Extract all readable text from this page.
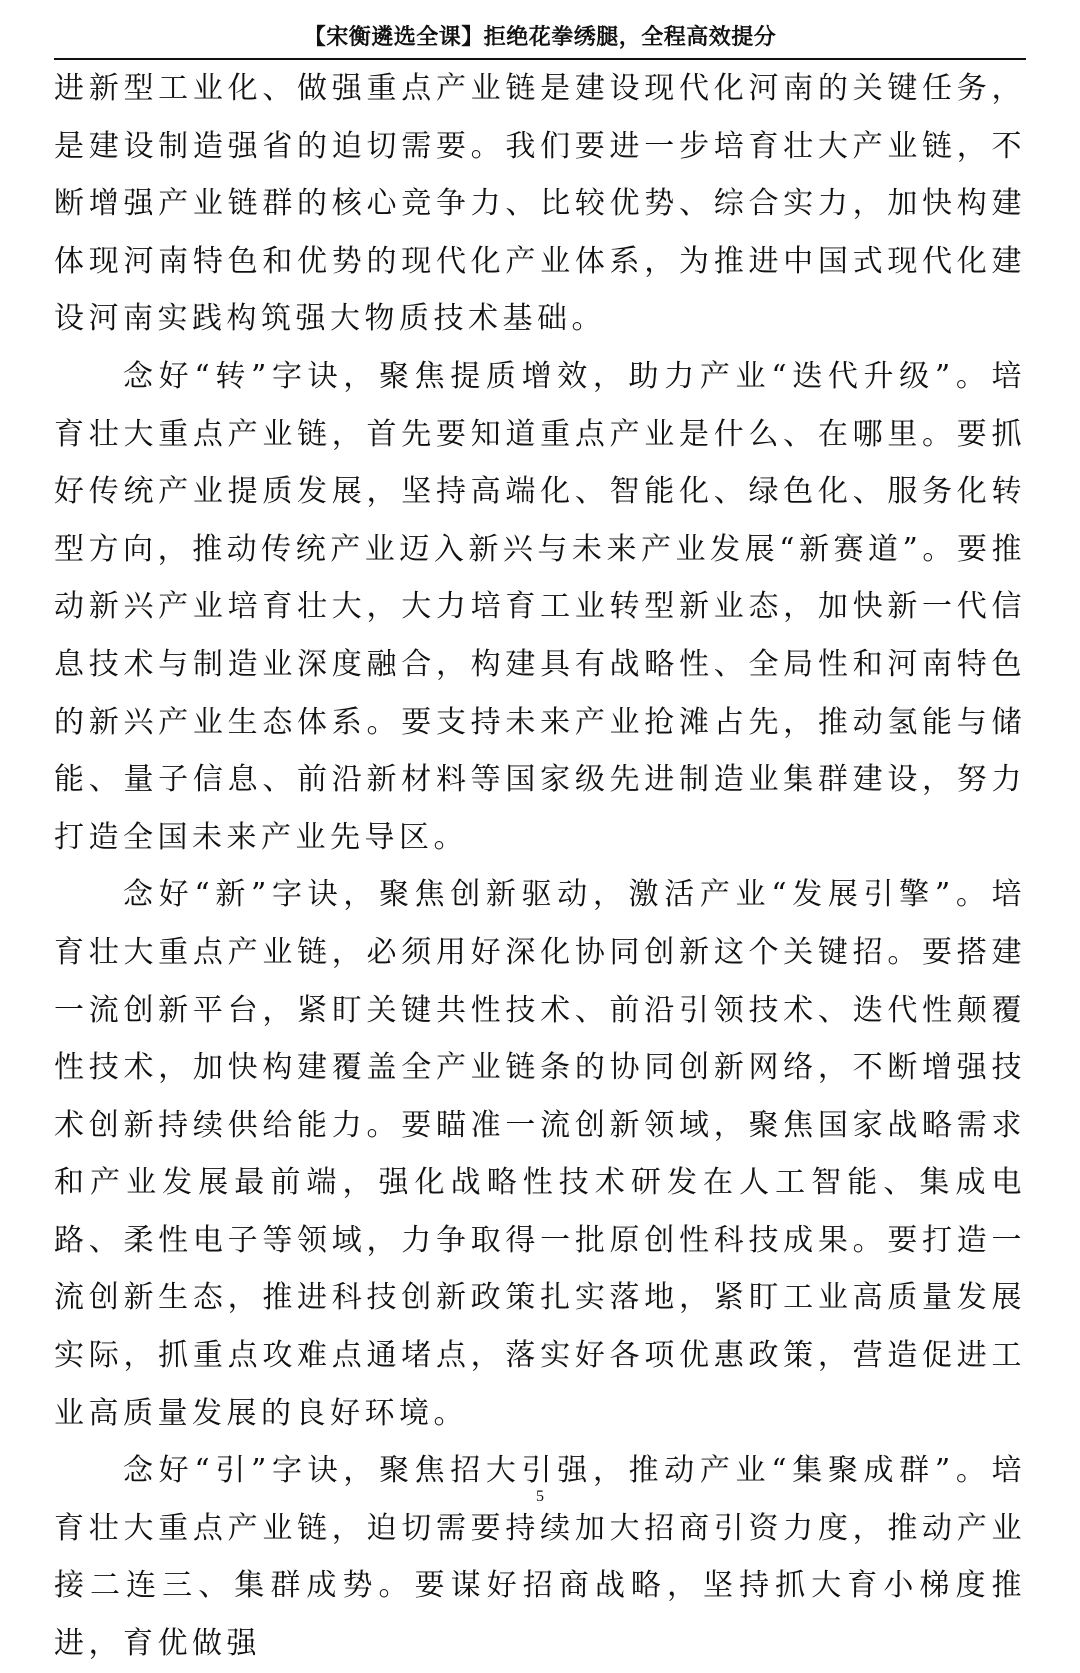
【宋衡遴选全课】拒绝花拳绣腿，全程高效提分

进新型工业化、做强重点产业链是建设现代化河南的关键任务，是建设制造强省的迫切需要。我们要进一步培育壮大产业链，不断增强产业链群的核心竞争力、比较优势、综合实力，加快构建体现河南特色和优势的现代化产业体系，为推进中国式现代化建设河南实践构筑强大物质技术基础。

念好“转”字诀，聚焦提质增效，助力产业“迭代升级”。培育壮大重点产业链，首先要知道重点产业是什么、在哪里。要抓好传统产业提质发展，坚持高端化、智能化、绿色化、服务化转型方向，推动传统产业迈入新兴与未来产业发展“新赛道”。要推动新兴产业培育壮大，大力培育工业转型新业态，加快新一代信息技术与制造业深度融合，构建具有战略性、全局性和河南特色的新兴产业生态体系。要支持未来产业抢滩占先，推动氢能与储能、量子信息、前沿新材料等国家级先进制造业集群建设，努力打造全国未来产业先导区。

念好“新”字诀，聚焦创新驱动，激活产业“发展引擎”。培育壮大重点产业链，必须用好深化协同创新这个关键招。要搭建一流创新平台，紧盯关键共性技术、前沿引领技术、迭代性颠覆性技术，加快构建覆盖全产业链条的协同创新网络，不断增强技术创新持续供给能力。要瞄准一流创新领域，聚焦国家战略需求和产业发展最前端，强化战略性技术研发在人工智能、集成电路、柔性电子等领域，力争取得一批原创性科技成果。要打造一流创新生态，推进科技创新政策扎实落地，紧盯工业高质量发展实际，抓重点攻难点通堵点，落实好各项优惠政策，营造促进工业高质量发展的良好环境。

念好“引”字诀，聚焦招大引强，推动产业“集聚成群”。培育壮大重点产业链，迫切需要持续加大招商引资力度，推动产业接二连三、集群成势。要谋好招商战略，坚持抓大育小梯度推进，育优做强

5
